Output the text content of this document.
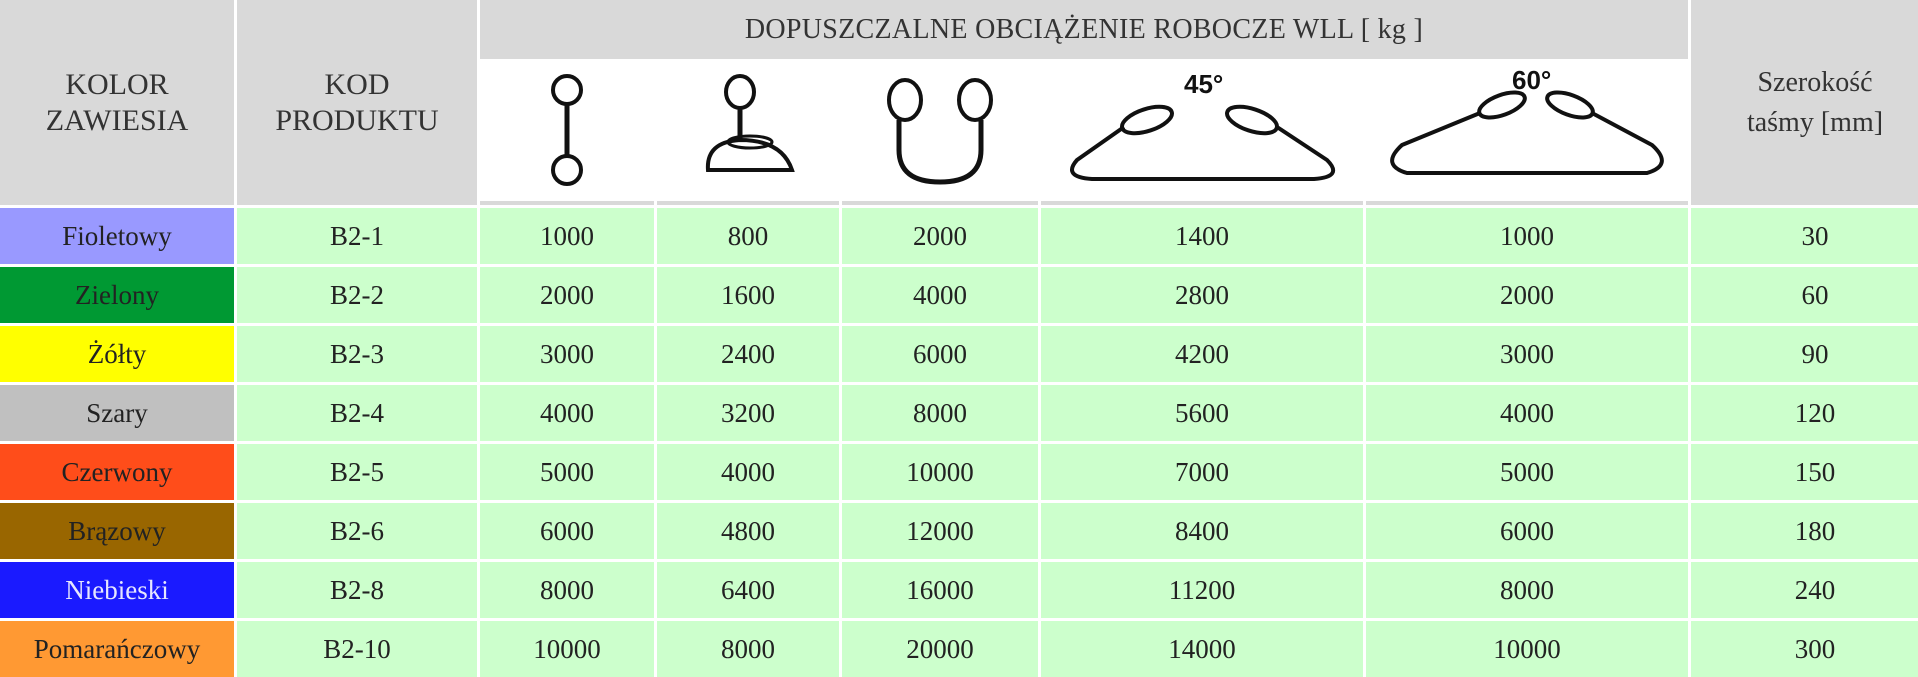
KOLOR ZAWIESIA
KOD PRODUKTU
DOPUSZCZALNE OBCIĄŻENIE ROBOCZE WLL [ kg ]
Szerokość taśmy [mm]
45°	60°
Fioletowy	B2-1	1000	800	2000	1400	1000	30
Zielony	B2-2	2000	1600	4000	2800	2000	60
Żółty	B2-3	3000	2400	6000	4200	3000	90
Szary	B2-4	4000	3200	8000	5600	4000	120
Czerwony	B2-5	5000	4000	10000	7000	5000	150
Brązowy	B2-6	6000	4800	12000	8400	6000	180
Niebieski	B2-8	8000	6400	16000	11200	8000	240
Pomarańczowy	B2-10	10000	8000	20000	14000	10000	300
